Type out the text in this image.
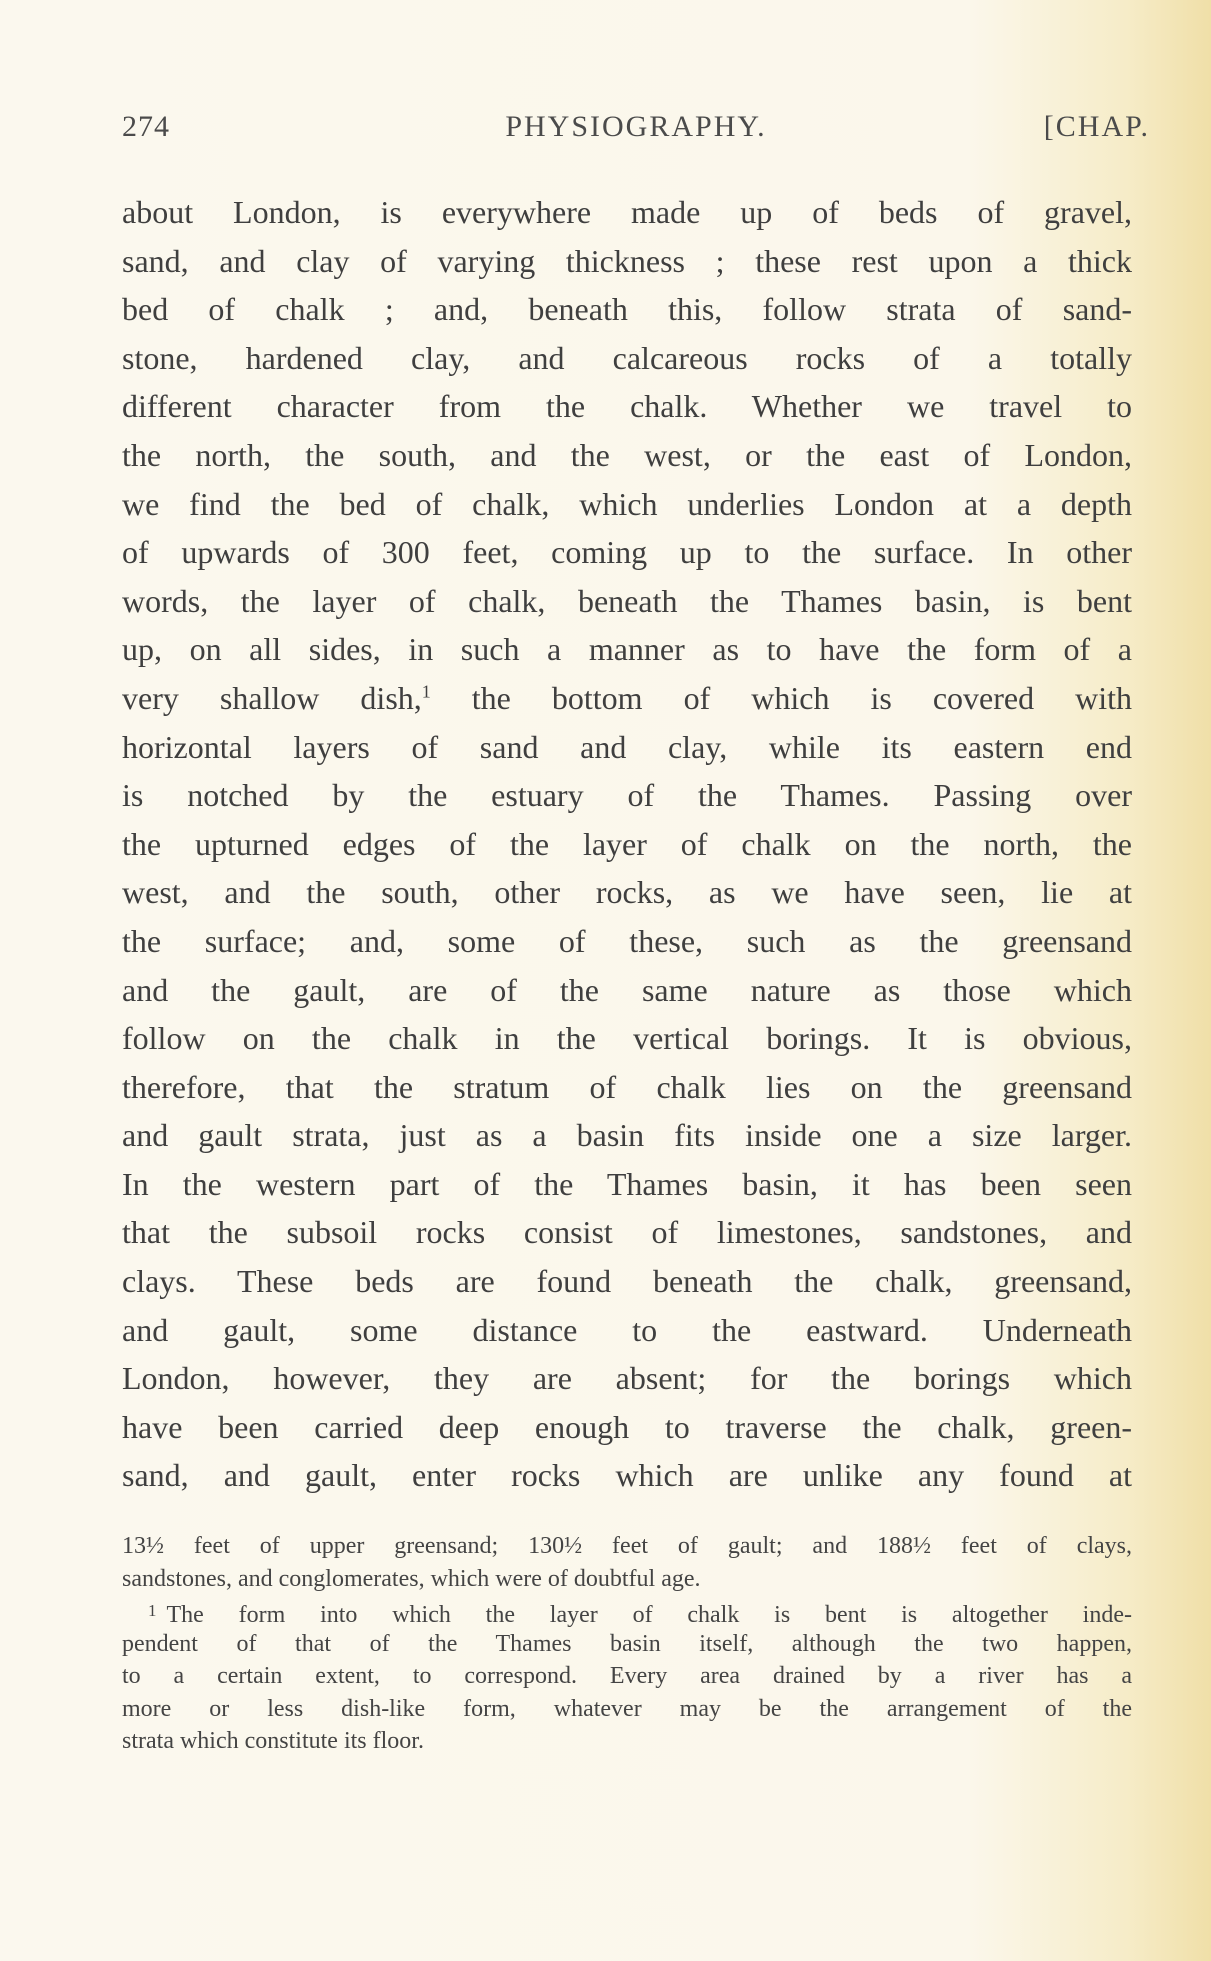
274	PHYSIOGRAPHY.	[CHAP.
about London, is everywhere made up of beds of gravel,
sand, and clay of varying thickness ; these rest upon a thick
bed of chalk ; and, beneath this, follow strata of sand-
stone, hardened clay, and calcareous rocks of a totally
different character from the chalk. Whether we travel to
the north, the south, and the west, or the east of London,
we find the bed of chalk, which underlies London at a depth
of upwards of 300 feet, coming up to the surface. In other
words, the layer of chalk, beneath the Thames basin, is bent
up, on all sides, in such a manner as to have the form of a
very shallow dish,$^1$ the bottom of which is covered with
horizontal layers of sand and clay, while its eastern end
is notched by the estuary of the Thames. Passing over
the upturned edges of the layer of chalk on the north, the
west, and the south, other rocks, as we have seen, lie at
the surface; and, some of these, such as the greensand
and the gault, are of the same nature as those which
follow on the chalk in the vertical borings. It is obvious,
therefore, that the stratum of chalk lies on the greensand
and gault strata, just as a basin fits inside one a size larger.
In the western part of the Thames basin, it has been seen
that the subsoil rocks consist of limestones, sandstones, and
clays. These beds are found beneath the chalk, greensand,
and gault, some distance to the eastward. Underneath
London, however, they are absent; for the borings which
have been carried deep enough to traverse the chalk, green-
sand, and gault, enter rocks which are unlike any found at
13½ feet of upper greensand; 130½ feet of gault; and 188½ feet of clays,
sandstones, and conglomerates, which were of doubtful age.
$^1$ The form into which the layer of chalk is bent is altogether inde-
pendent of that of the Thames basin itself, although the two happen,
to a certain extent, to correspond. Every area drained by a river has a
more or less dish-like form, whatever may be the arrangement of the
strata which constitute its floor.
